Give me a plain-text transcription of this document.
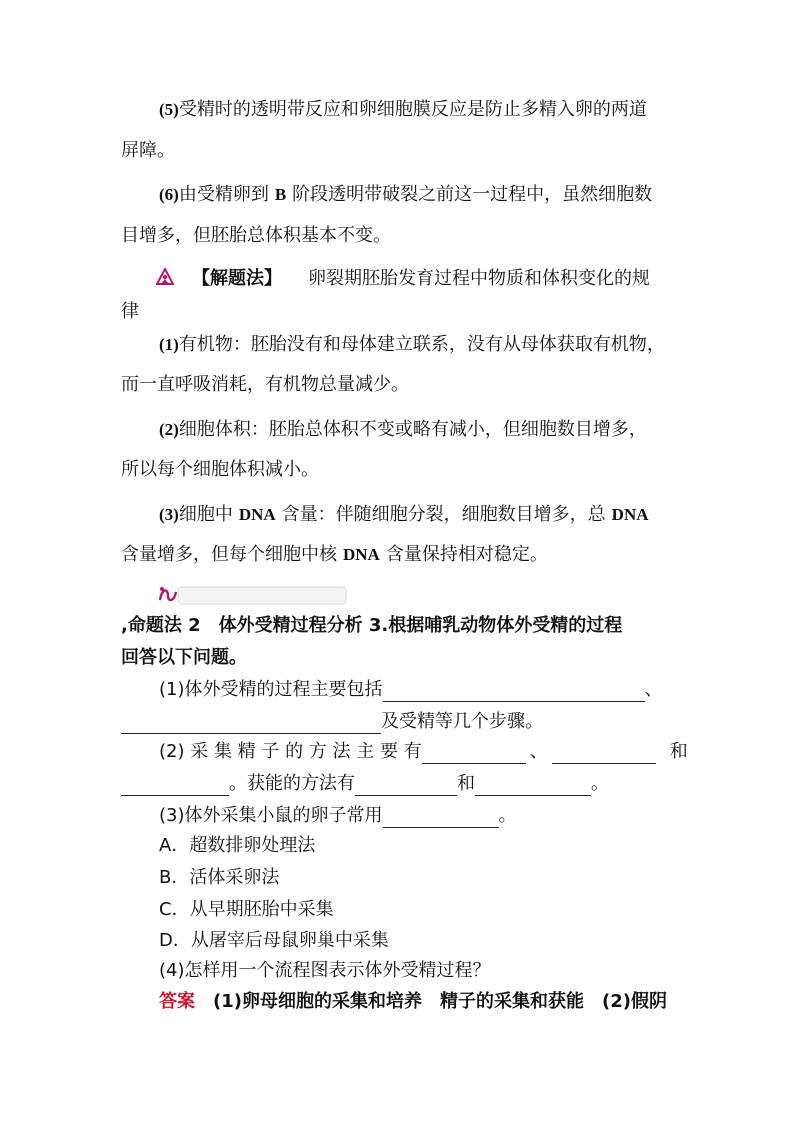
(5)受精时的透明带反应和卵细胞膜反应是防止多精入卵的两道
屏障。
(6)由受精卵到 B 阶段透明带破裂之前这一过程中，虽然细胞数
目增多，但胚胎总体积基本不变。
【解题法】 卵裂期胚胎发育过程中物质和体积变化的规
律
(1)有机物：胚胎没有和母体建立联系，没有从母体获取有机物，
而一直呼吸消耗，有机物总量减少。
(2)细胞体积：胚胎总体积不变或略有减小，但细胞数目增多，
所以每个细胞体积减小。
(3)细胞中 DNA 含量：伴随细胞分裂，细胞数目增多，总 DNA
含量增多，但每个细胞中核 DNA 含量保持相对稳定。
,命题法 2　体外受精过程分析 3.根据哺乳动物体外受精的过程
回答以下问题。
(1)体外受精的过程主要包括	、
及受精等几个步骤。
(2) 采 集 精 子 的 方 法 主 要 有	、	和
。获能的方法有	和	。
(3)体外采集小鼠的卵子常用	。
A．超数排卵处理法
B．活体采卵法
C．从早期胚胎中采集
D．从屠宰后母鼠卵巢中采集
(4)怎样用一个流程图表示体外受精过程？
答案 (1)卵母细胞的采集和培养　精子的采集和获能　(2)假阴
